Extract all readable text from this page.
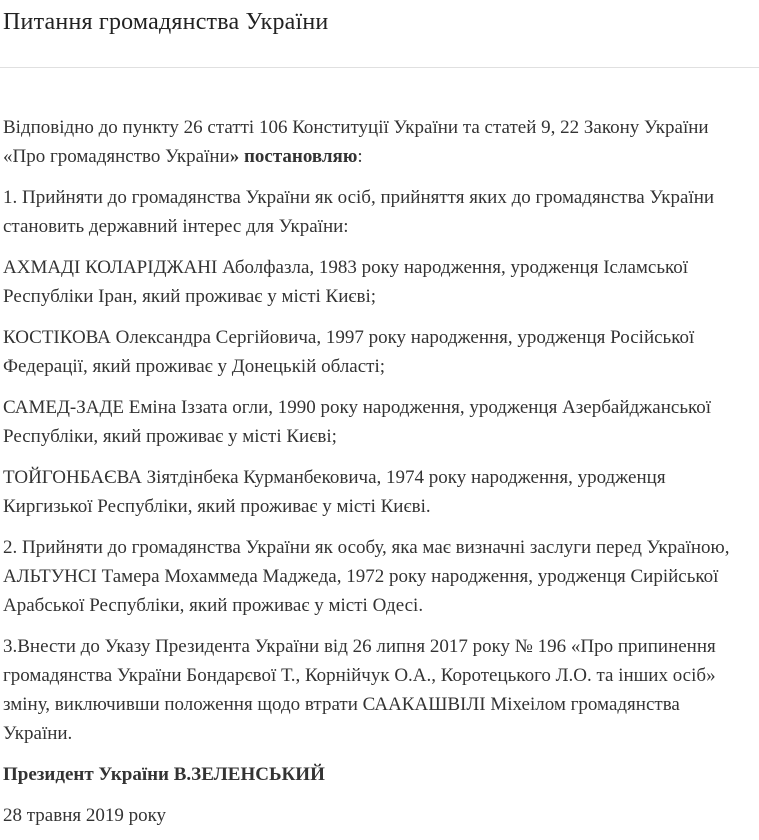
Питання громадянства України

Відповідно до пункту 26 статті 106 Конституції України та статей 9, 22 Закону України «Про громадянство України» постановляю:

1. Прийняти до громадянства України як осіб, прийняття яких до громадянства України становить державний інтерес для України:

АХМАДІ КОЛАРІДЖАНІ Аболфазла, 1983 року народження, уродженця Ісламської Республіки Іран, який проживає у місті Києві;

КОСТІКОВА Олександра Сергійовича, 1997 року народження, уродженця Російської Федерації, який проживає у Донецькій області;

САМЕД-ЗАДЕ Еміна Іззата огли, 1990 року народження, уродженця Азербайджанської Республіки, який проживає у місті Києві;

ТОЙГОНБАЄВА Зіятдінбека Курманбековича, 1974 року народження, уродженця Киргизької Республіки, який проживає у місті Києві.

2. Прийняти до громадянства України як особу, яка має визначні заслуги перед Україною, АЛЬТУНСІ Тамера Мохаммеда Маджеда, 1972 року народження, уродженця Сирійської Арабської Республіки, який проживає у місті Одесі.

3.Внести до Указу Президента України від 26 липня 2017 року № 196 «Про припинення громадянства України Бондарєвої Т., Корнійчук О.А., Коротецького Л.О. та інших осіб» зміну, виключивши положення щодо втрати СААКАШВІЛІ Міхеілом громадянства України.

Президент України В.ЗЕЛЕНСЬКИЙ

28 травня 2019 року
